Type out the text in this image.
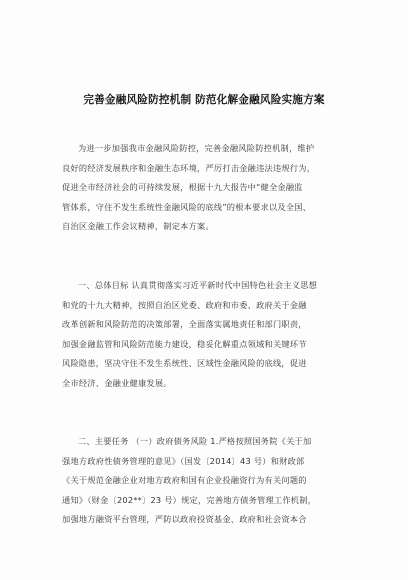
完善金融风险防控机制 防范化解金融风险实施方案
为进一步加强我市金融风险防控，完善金融风险防控机制，维护
良好的经济发展秩序和金融生态环境，严厉打击金融违法违规行为，
促进全市经济社会的可持续发展，根据十九大报告中“健全金融监
管体系，守住不发生系统性金融风险的底线”的根本要求以及全国、
自治区金融工作会议精神，制定本方案。
一、总体目标 认真贯彻落实习近平新时代中国特色社会主义思想
和党的十九大精神，按照自治区党委、政府和市委、政府关于金融
改革创新和风险防范的决策部署，全面落实属地责任和部门职责，
加强金融监管和风险防范能力建设，稳妥化解重点领域和关键环节
风险隐患，坚决守住不发生系统性、区域性金融风险的底线，促进
全市经济、金融业健康发展。
二、主要任务 （一）政府债务风险 1.严格按照国务院《关于加
强地方政府性债务管理的意见》（国发〔2014〕43 号）和财政部
《关于规范金融企业对地方政府和国有企业投融资行为有关问题的
通知》（财金〔202**〕23 号）规定，完善地方债务管理工作机制，
加强地方融资平台管理，严防以政府投资基金、政府和社会资本合
